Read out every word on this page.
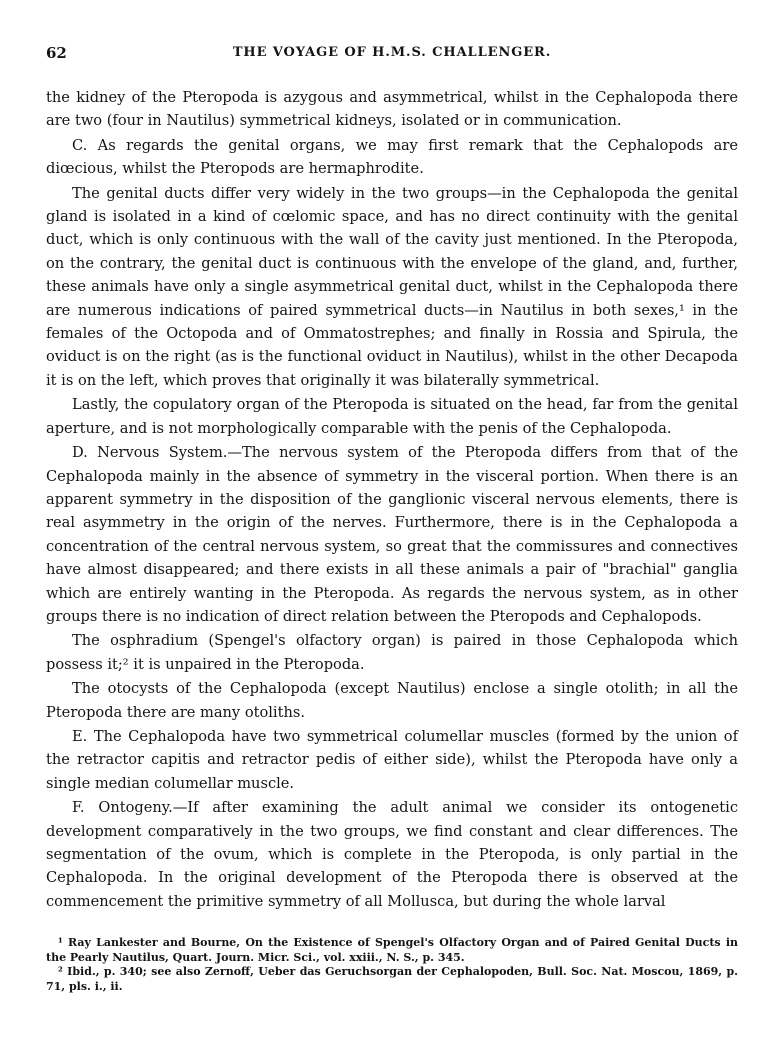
62	THE VOYAGE OF H.M.S. CHALLENGER.

the kidney of the Pteropoda is azygous and asymmetrical, whilst in the Cephalopoda there are two (four in Nautilus) symmetrical kidneys, isolated or in communication.

C. As regards the genital organs, we may first remark that the Cephalopods are diœcious, whilst the Pteropods are hermaphrodite.

The genital ducts differ very widely in the two groups—in the Cephalopoda the genital gland is isolated in a kind of cœlomic space, and has no direct continuity with the genital duct, which is only continuous with the wall of the cavity just mentioned. In the Pteropoda, on the contrary, the genital duct is continuous with the envelope of the gland, and, further, these animals have only a single asymmetrical genital duct, whilst in the Cephalopoda there are numerous indications of paired symmetrical ducts—in Nautilus in both sexes,¹ in the females of the Octopoda and of Ommatostrephes; and finally in Rossia and Spirula, the oviduct is on the right (as is the functional oviduct in Nautilus), whilst in the other Decapoda it is on the left, which proves that originally it was bilaterally symmetrical.

Lastly, the copulatory organ of the Pteropoda is situated on the head, far from the genital aperture, and is not morphologically comparable with the penis of the Cephalopoda.

D. Nervous System.—The nervous system of the Pteropoda differs from that of the Cephalopoda mainly in the absence of symmetry in the visceral portion. When there is an apparent symmetry in the disposition of the ganglionic visceral nervous elements, there is real asymmetry in the origin of the nerves. Furthermore, there is in the Cephalopoda a concentration of the central nervous system, so great that the commissures and connectives have almost disappeared; and there exists in all these animals a pair of "brachial" ganglia which are entirely wanting in the Pteropoda. As regards the nervous system, as in other groups there is no indication of direct relation between the Pteropods and Cephalopods.

The osphradium (Spengel's olfactory organ) is paired in those Cephalopoda which possess it;² it is unpaired in the Pteropoda.

The otocysts of the Cephalopoda (except Nautilus) enclose a single otolith; in all the Pteropoda there are many otoliths.

E. The Cephalopoda have two symmetrical columellar muscles (formed by the union of the retractor capitis and retractor pedis of either side), whilst the Pteropoda have only a single median columellar muscle.

F. Ontogeny.—If after examining the adult animal we consider its ontogenetic development comparatively in the two groups, we find constant and clear differences. The segmentation of the ovum, which is complete in the Pteropoda, is only partial in the Cephalopoda. In the original development of the Pteropoda there is observed at the commencement the primitive symmetry of all Mollusca, but during the whole larval

¹ Ray Lankester and Bourne, On the Existence of Spengel's Olfactory Organ and of Paired Genital Ducts in the Pearly Nautilus, Quart. Journ. Micr. Sci., vol. xxiii., N. S., p. 345.

² Ibid., p. 340; see also Zernoff, Ueber das Geruchsorgan der Cephalopoden, Bull. Soc. Nat. Moscou, 1869, p. 71, pls. i., ii.
